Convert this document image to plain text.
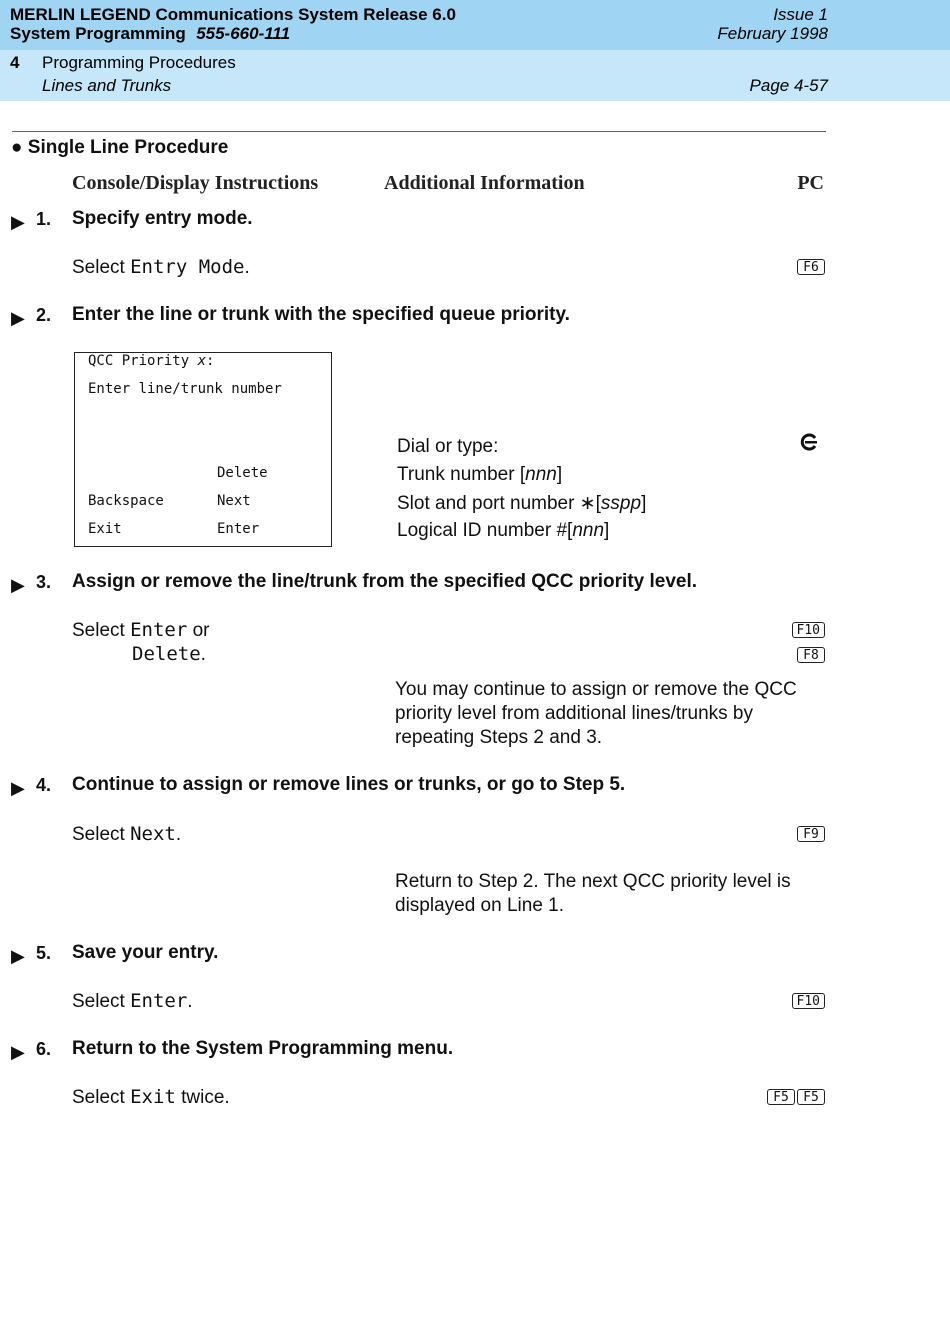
MERLIN LEGEND Communications System Release 6.0
System Programming 555-660-111
Issue 1
February 1998
4 Programming Procedures
Lines and Trunks	Page 4-57
● Single Line Procedure
Console/Display Instructions	Additional Information	PC
▶ 1. Specify entry mode.
Select Entry Mode.	F6
▶ 2. Enter the line or trunk with the specified queue priority.
QCC Priority x:
Enter line/trunk number
Delete
Backspace	Next
Exit	Enter
Dial or type:
Trunk number [nnn]
Slot and port number ∗[sspp]
Logical ID number #[nnn]
▶ 3. Assign or remove the line/trunk from the specified QCC priority level.
Select Enter or	F10
Delete.	F8
You may continue to assign or remove the QCC priority level from additional lines/trunks by repeating Steps 2 and 3.
▶ 4. Continue to assign or remove lines or trunks, or go to Step 5.
Select Next.	F9
Return to Step 2. The next QCC priority level is displayed on Line 1.
▶ 5. Save your entry.
Select Enter.	F10
▶ 6. Return to the System Programming menu.
Select Exit twice.	F5 F5
